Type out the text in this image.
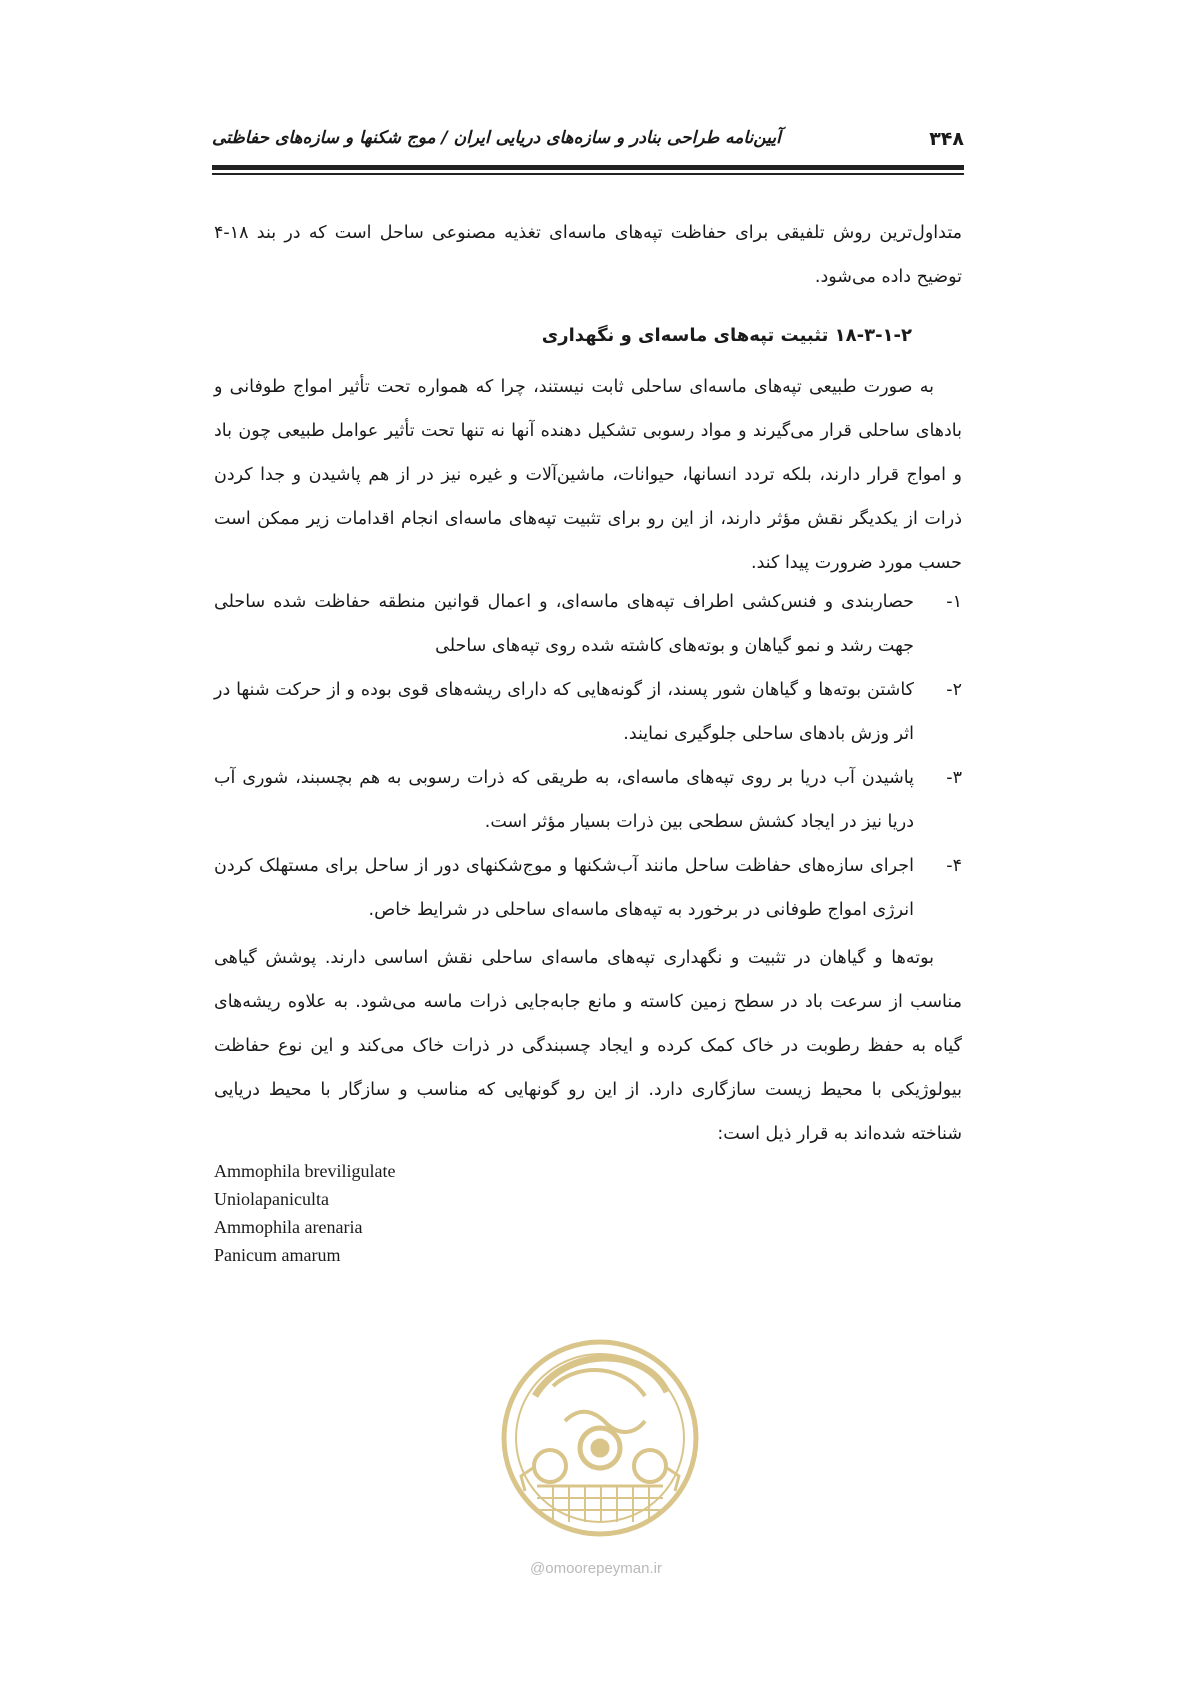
۳۴۸
آیین‌نامه طراحی بنادر و سازه‌های دریایی ایران / موج شکنها و سازه‌های حفاظتی
متداول‌ترین روش تلفیقی برای حفاظت تپه‌های ماسه‌ای تغذیه مصنوعی ساحل است که در بند ۱۸-۴ توضیح داده می‌شود.
۱۸-۳-۱-۲ تثبیت تپه‌های ماسه‌ای و نگهداری
به صورت طبیعی تپه‌های ماسه‌ای ساحلی ثابت نیستند، چرا که همواره تحت تأثیر امواج طوفانی و بادهای ساحلی قرار می‌گیرند و مواد رسوبی تشکیل دهنده آنها نه تنها تحت تأثیر عوامل طبیعی چون باد و امواج قرار دارند، بلکه تردد انسانها، حیوانات، ماشین‌آلات و غیره نیز در از هم پاشیدن و جدا کردن ذرات از یکدیگر نقش مؤثر دارند، از این رو برای تثبیت تپه‌های ماسه‌ای انجام اقدامات زیر ممکن است حسب مورد ضرورت پیدا کند.
۱-
حصاربندی و فنس‌کشی اطراف تپه‌های ماسه‌ای، و اعمال قوانین منطقه حفاظت شده ساحلی جهت رشد و نمو گیاهان و بوته‌های کاشته شده روی تپه‌های ساحلی
۲-
کاشتن بوته‌ها و گیاهان شور پسند، از گونه‌هایی که دارای ریشه‌های قوی بوده و از حرکت شنها در اثر وزش بادهای ساحلی جلوگیری نمایند.
۳-
پاشیدن آب دریا بر روی تپه‌های ماسه‌ای، به طریقی که ذرات رسوبی به هم بچسبند، شوری آب دریا نیز در ایجاد کشش سطحی بین ذرات بسیار مؤثر است.
۴-
اجرای سازه‌های حفاظت ساحل مانند آب‌شکنها و موج‌شکنهای دور از ساحل برای مستهلک کردن انرژی امواج طوفانی در برخورد به تپه‌های ماسه‌ای ساحلی در شرایط خاص.
بوته‌ها و گیاهان در تثبیت و نگهداری تپه‌های ماسه‌ای ساحلی نقش اساسی دارند. پوشش گیاهی مناسب از سرعت باد در سطح زمین کاسته و مانع جابه‌جایی ذرات ماسه می‌شود. به علاوه ریشه‌های گیاه به حفظ رطوبت در خاک کمک کرده و ایجاد چسبندگی در ذرات خاک می‌کند و این نوع حفاظت بیولوژیکی با محیط زیست سازگاری دارد. از این رو گونهایی که مناسب و سازگار با محیط دریایی شناخته شده‌اند به قرار ذیل است:
Ammophila breviligulate
Uniolapaniculta
Ammophila arenaria
Panicum amarum
@omoorepeyman.ir
